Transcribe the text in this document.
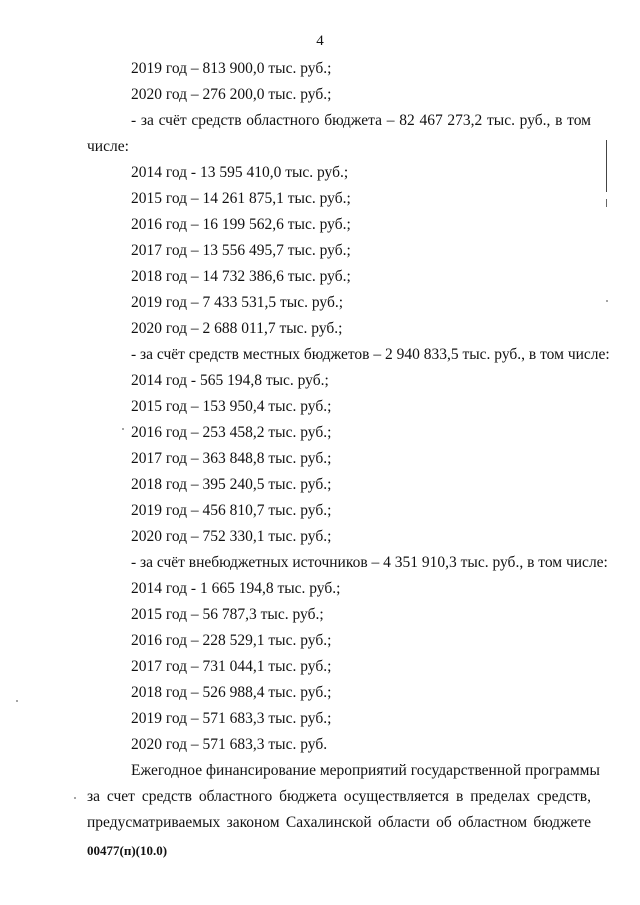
4
2019 год – 813 900,0 тыс. руб.;
2020 год – 276 200,0 тыс. руб.;
- за счёт средств областного бюджета – 82 467 273,2 тыс. руб., в том
числе:
2014 год - 13 595 410,0 тыс. руб.;
2015 год – 14 261 875,1 тыс. руб.;
2016 год – 16 199 562,6 тыс. руб.;
2017 год – 13 556 495,7 тыс. руб.;
2018 год – 14 732 386,6 тыс. руб.;
2019 год – 7 433 531,5 тыс. руб.;
2020 год – 2 688 011,7 тыс. руб.;
- за счёт средств местных бюджетов – 2 940 833,5 тыс. руб., в том числе:
2014 год - 565 194,8 тыс. руб.;
2015 год – 153 950,4 тыс. руб.;
2016 год – 253 458,2 тыс. руб.;
2017 год – 363 848,8 тыс. руб.;
2018 год – 395 240,5 тыс. руб.;
2019 год – 456 810,7 тыс. руб.;
2020 год – 752 330,1 тыс. руб.;
- за счёт внебюджетных источников – 4 351 910,3 тыс. руб., в том числе:
2014 год - 1 665 194,8 тыс. руб.;
2015 год – 56 787,3 тыс. руб.;
2016 год – 228 529,1 тыс. руб.;
2017 год – 731 044,1 тыс. руб.;
2018 год – 526 988,4 тыс. руб.;
2019 год – 571 683,3 тыс. руб.;
2020 год – 571 683,3 тыс. руб.
Ежегодное финансирование мероприятий государственной программы
за счет средств областного бюджета осуществляется в пределах средств,
предусматриваемых законом Сахалинской области об областном бюджете
00477(п)(10.0)
